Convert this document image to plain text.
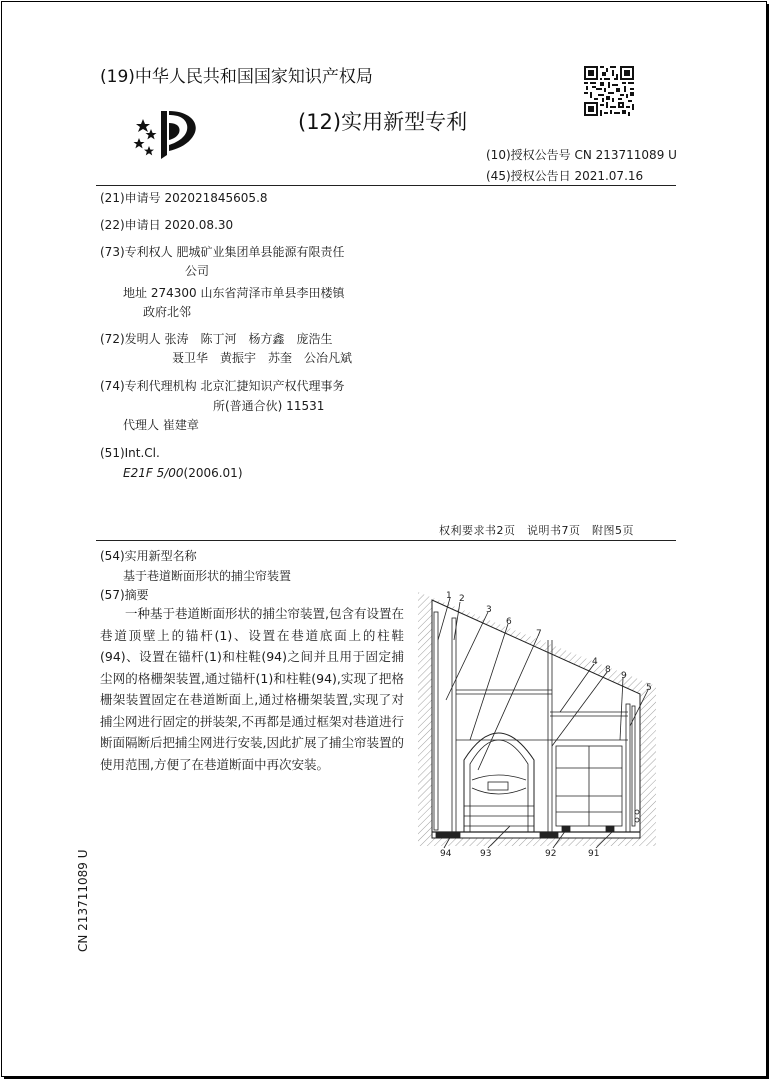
(19)中华人民共和国国家知识产权局
(12)实用新型专利
(10)授权公告号 CN 213711089 U
(45)授权公告日 2021.07.16
(21)申请号 202021845605.8
(22)申请日 2020.08.30
(73)专利权人 肥城矿业集团单县能源有限责任
公司
地址 274300 山东省菏泽市单县李田楼镇
政府北邻
(72)发明人 张涛　陈丁河　杨方鑫　庞浩生
聂卫华　黄振宇　苏奎　公冶凡斌
(74)专利代理机构 北京汇捷知识产权代理事务
所(普通合伙) 11531
代理人 崔建章
(51)Int.Cl.
E21F 5/00(2006.01)
权利要求书2页　说明书7页　附图5页
(54)实用新型名称
基于巷道断面形状的捕尘帘装置
(57)摘要

一种基于巷道断面形状的捕尘帘装置,包含有设置在巷道顶壁上的锚杆(1)、设置在巷道底面上的柱鞋(94)、设置在锚杆(1)和柱鞋(94)之间并且用于固定捕尘网的格栅架装置,通过锚杆(1)和柱鞋(94),实现了把格栅架装置固定在巷道断面上,通过格栅架装置,实现了对捕尘网进行固定的拼装架,不再都是通过框架对巷道进行断面隔断后把捕尘网进行安装,因此扩展了捕尘帘装置的使用范围,方便了在巷道断面中再次安装。

CN 213711089 U
1 2
3
6
7
4
8
9
5
94	93	92	91
